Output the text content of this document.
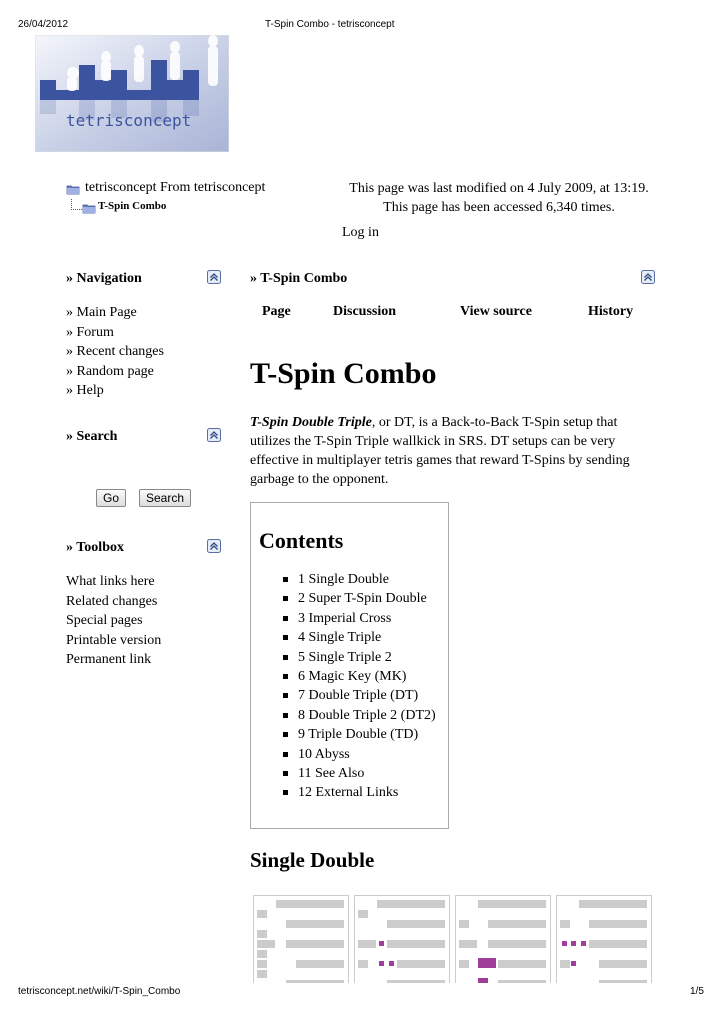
26/04/2012	T-Spin Combo - tetrisconcept
tetrisconcept
tetrisconcept From tetrisconcept
T-Spin Combo
This page was last modified on 4 July 2009, at 13:19.
This page has been accessed 6,340 times.
Log in
» Navigation
» Main Page
» Forum
» Recent changes
» Random page
» Help
» Search
Go	Search
» Toolbox
What links here
Related changes
Special pages
Printable version
Permanent link
» T-Spin Combo
Page	Discussion	View source	History
T-Spin Combo
T-Spin Double Triple, or DT, is a Back-to-Back T-Spin setup that
utilizes the T-Spin Triple wallkick in SRS. DT setups can be very
effective in multiplayer tetris games that reward T-Spins by sending
garbage to the opponent.
Contents
1 Single Double
2 Super T-Spin Double
3 Imperial Cross
4 Single Triple
5 Single Triple 2
6 Magic Key (MK)
7 Double Triple (DT)
8 Double Triple 2 (DT2)
9 Triple Double (TD)
10 Abyss
11 See Also
12 External Links
Single Double
tetrisconcept.net/wiki/T-Spin_Combo	1/5
